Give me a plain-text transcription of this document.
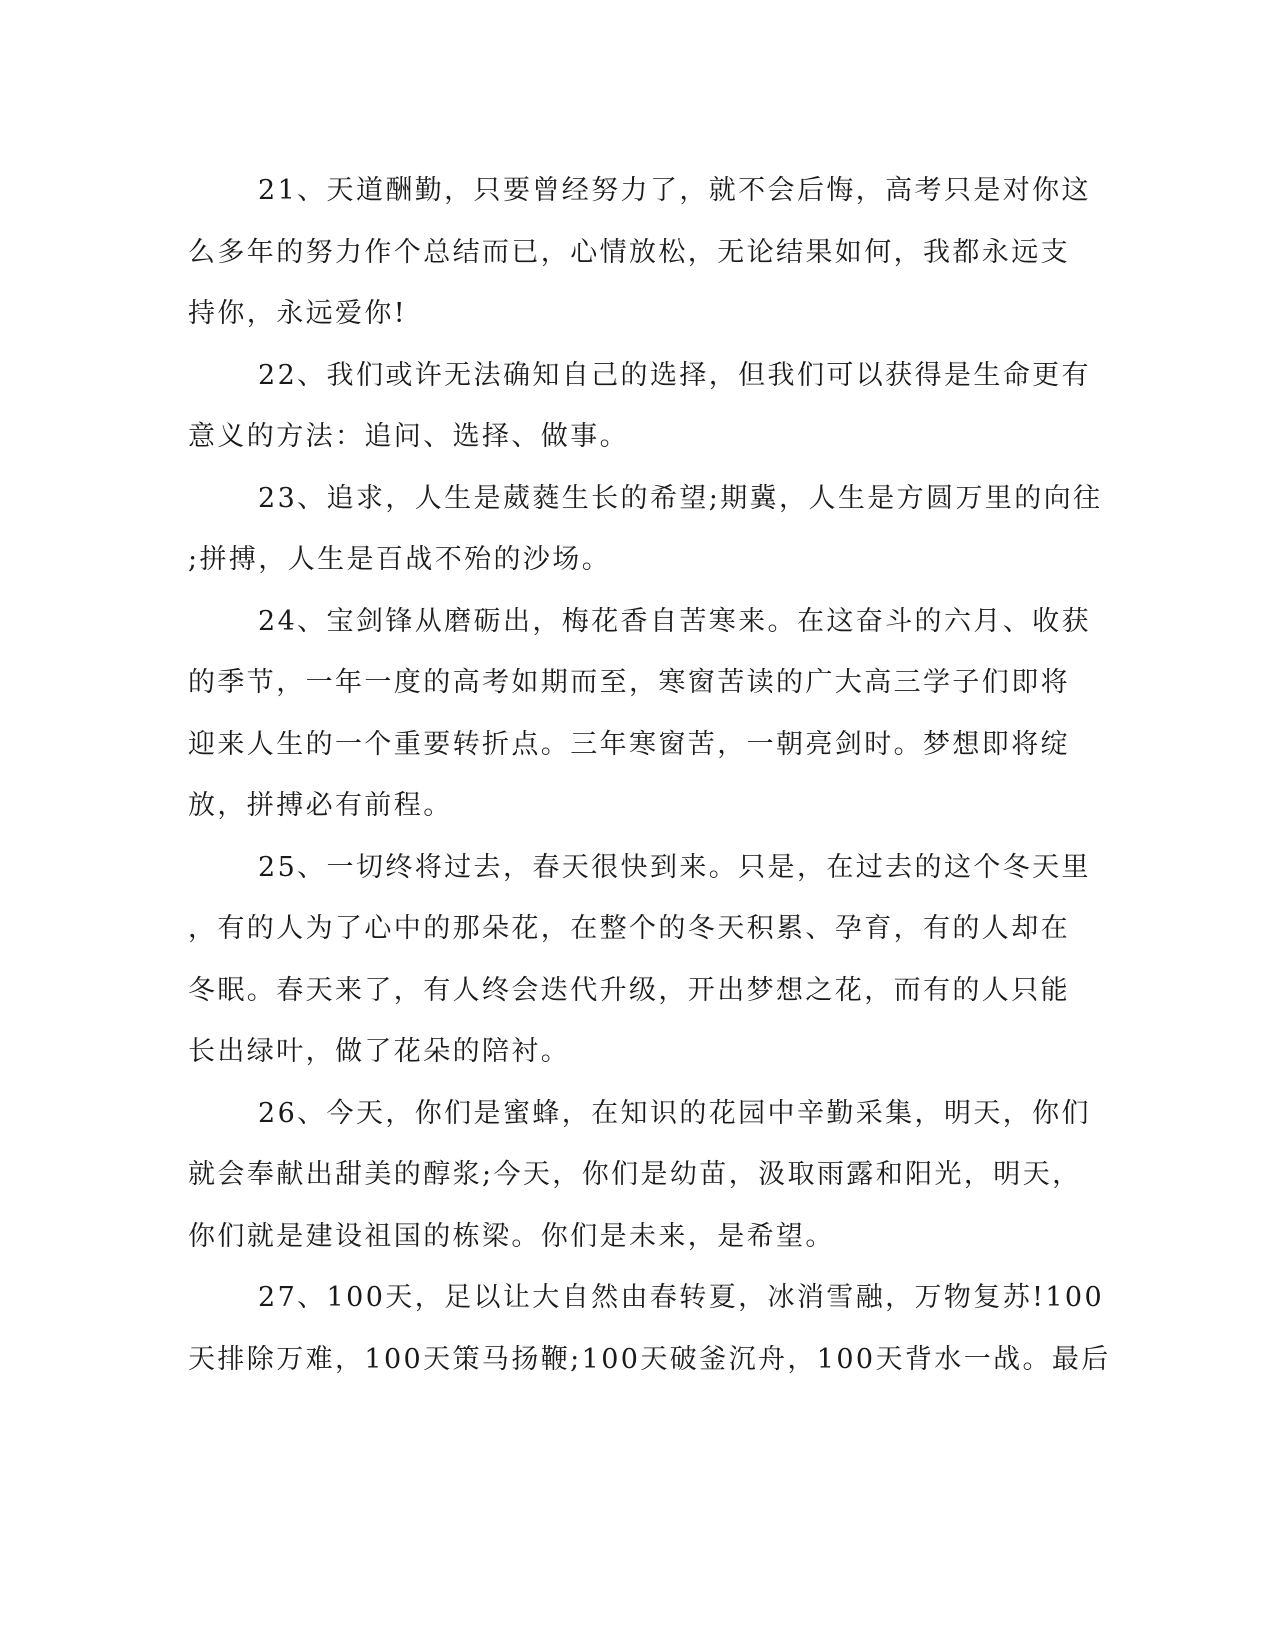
21、天道酬勤，只要曾经努力了，就不会后悔，高考只是对你这
么多年的努力作个总结而已，心情放松，无论结果如何，我都永远支
持你，永远爱你!

22、我们或许无法确知自己的选择，但我们可以获得是生命更有
意义的方法：追问、选择、做事。

23、追求，人生是葳蕤生长的希望;期冀，人生是方圆万里的向往
;拼搏，人生是百战不殆的沙场。

24、宝剑锋从磨砺出，梅花香自苦寒来。在这奋斗的六月、收获
的季节，一年一度的高考如期而至，寒窗苦读的广大高三学子们即将
迎来人生的一个重要转折点。三年寒窗苦，一朝亮剑时。梦想即将绽
放，拼搏必有前程。

25、一切终将过去，春天很快到来。只是，在过去的这个冬天里
，有的人为了心中的那朵花，在整个的冬天积累、孕育，有的人却在
冬眠。春天来了，有人终会迭代升级，开出梦想之花，而有的人只能
长出绿叶，做了花朵的陪衬。

26、今天，你们是蜜蜂，在知识的花园中辛勤采集，明天，你们
就会奉献出甜美的醇浆;今天，你们是幼苗，汲取雨露和阳光，明天，
你们就是建设祖国的栋梁。你们是未来，是希望。

27、100天，足以让大自然由春转夏，冰消雪融，万物复苏!100
天排除万难，100天策马扬鞭;100天破釜沉舟，100天背水一战。最后
